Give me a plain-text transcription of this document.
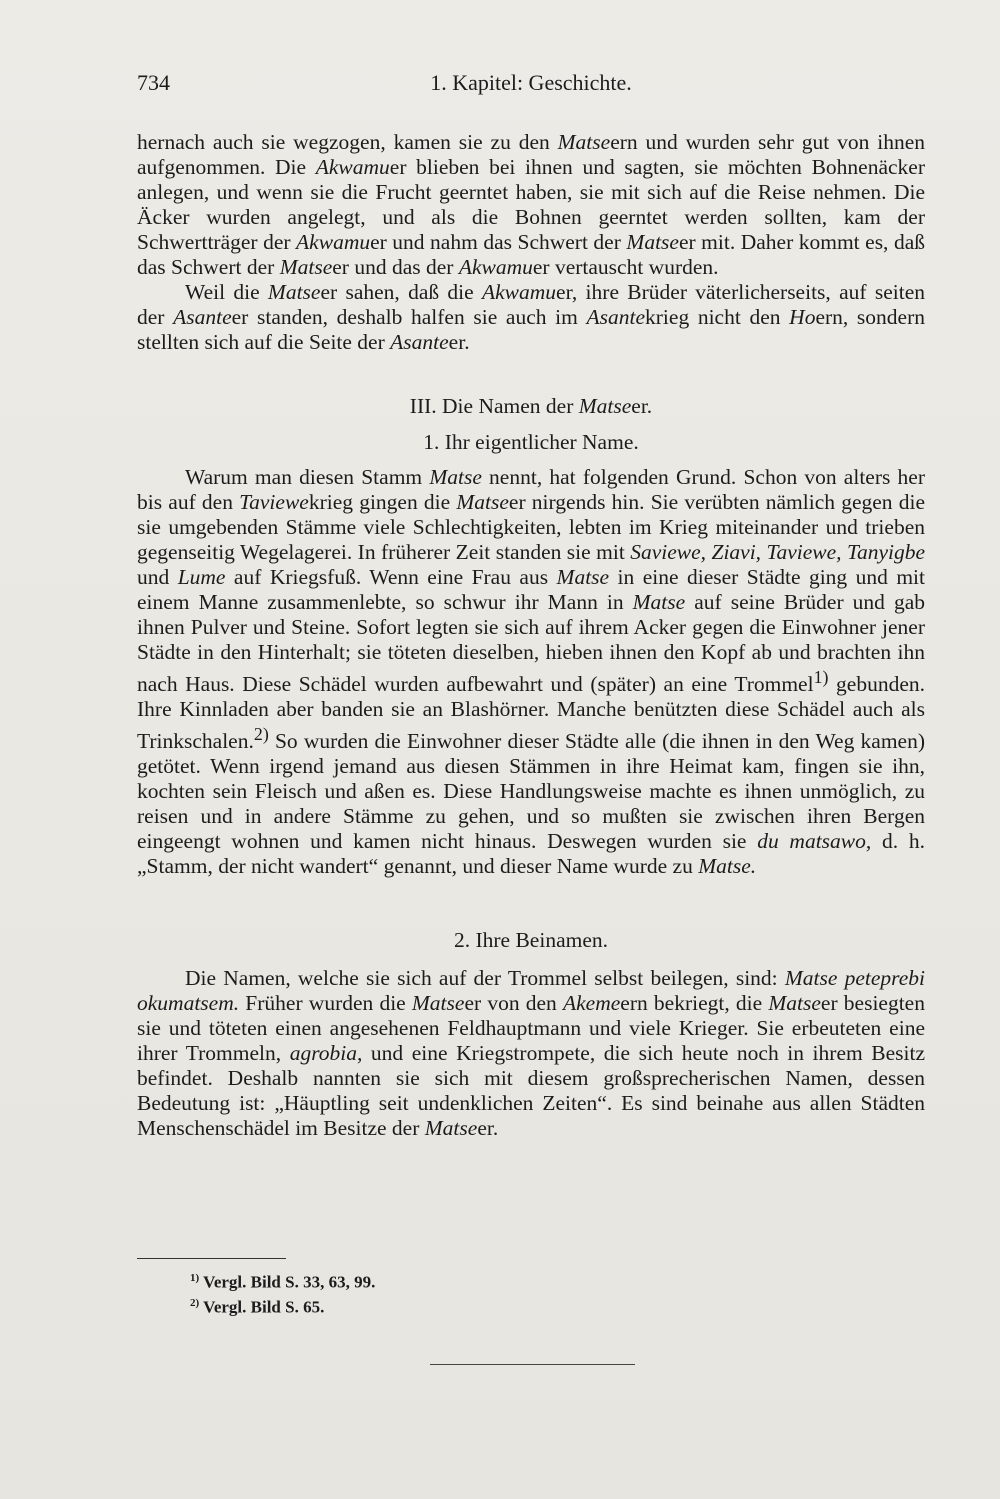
734	1. Kapitel: Geschichte.

hernach auch sie wegzogen, kamen sie zu den Matseern und wurden sehr gut von ihnen aufgenommen. Die Akwamuer blieben bei ihnen und sagten, sie möchten Bohnenäcker anlegen, und wenn sie die Frucht geerntet haben, sie mit sich auf die Reise nehmen. Die Äcker wurden angelegt, und als die Bohnen geerntet werden sollten, kam der Schwertträger der Akwamuer und nahm das Schwert der Matseer mit. Daher kommt es, daß das Schwert der Matseer und das der Akwamuer vertauscht wurden.

Weil die Matseer sahen, daß die Akwamuer, ihre Brüder väterlicherseits, auf seiten der Asanteer standen, deshalb halfen sie auch im Asantekrieg nicht den Hoern, sondern stellten sich auf die Seite der Asanteer.

III. Die Namen der Matseer.

1. Ihr eigentlicher Name.

Warum man diesen Stamm Matse nennt, hat folgenden Grund. Schon von alters her bis auf den Taviewekrieg gingen die Matseer nirgends hin. Sie verübten nämlich gegen die sie umgebenden Stämme viele Schlechtigkeiten, lebten im Krieg miteinander und trieben gegenseitig Wegelagerei. In früherer Zeit standen sie mit Saviewe, Ziavi, Taviewe, Tanyigbe und Lume auf Kriegsfuß. Wenn eine Frau aus Matse in eine dieser Städte ging und mit einem Manne zusammenlebte, so schwur ihr Mann in Matse auf seine Brüder und gab ihnen Pulver und Steine. Sofort legten sie sich auf ihrem Acker gegen die Einwohner jener Städte in den Hinterhalt; sie töteten dieselben, hieben ihnen den Kopf ab und brachten ihn nach Haus. Diese Schädel wurden aufbewahrt und (später) an eine Trommel$^{1)}$ gebunden. Ihre Kinnladen aber banden sie an Blashörner. Manche benützten diese Schädel auch als Trinkschalen.$^{2)}$ So wurden die Einwohner dieser Städte alle (die ihnen in den Weg kamen) getötet. Wenn irgend jemand aus diesen Stämmen in ihre Heimat kam, fingen sie ihn, kochten sein Fleisch und aßen es. Diese Handlungsweise machte es ihnen unmöglich, zu reisen und in andere Stämme zu gehen, und so mußten sie zwischen ihren Bergen eingeengt wohnen und kamen nicht hinaus. Deswegen wurden sie du matsawo, d. h. „Stamm, der nicht wandert“ genannt, und dieser Name wurde zu Matse.

2. Ihre Beinamen.

Die Namen, welche sie sich auf der Trommel selbst beilegen, sind: Matse peteprebi okumatsem. Früher wurden die Matseer von den Akemeern bekriegt, die Matseer besiegten sie und töteten einen angesehenen Feldhauptmann und viele Krieger. Sie erbeuteten eine ihrer Trommeln, agrobia, und eine Kriegstrompete, die sich heute noch in ihrem Besitz befindet. Deshalb nannten sie sich mit diesem großsprecherischen Namen, dessen Bedeutung ist: „Häuptling seit undenklichen Zeiten“. Es sind beinahe aus allen Städten Menschenschädel im Besitze der Matseer.

$^{1)}$ Vergl. Bild S. 33, 63, 99.

$^{2)}$ Vergl. Bild S. 65.
